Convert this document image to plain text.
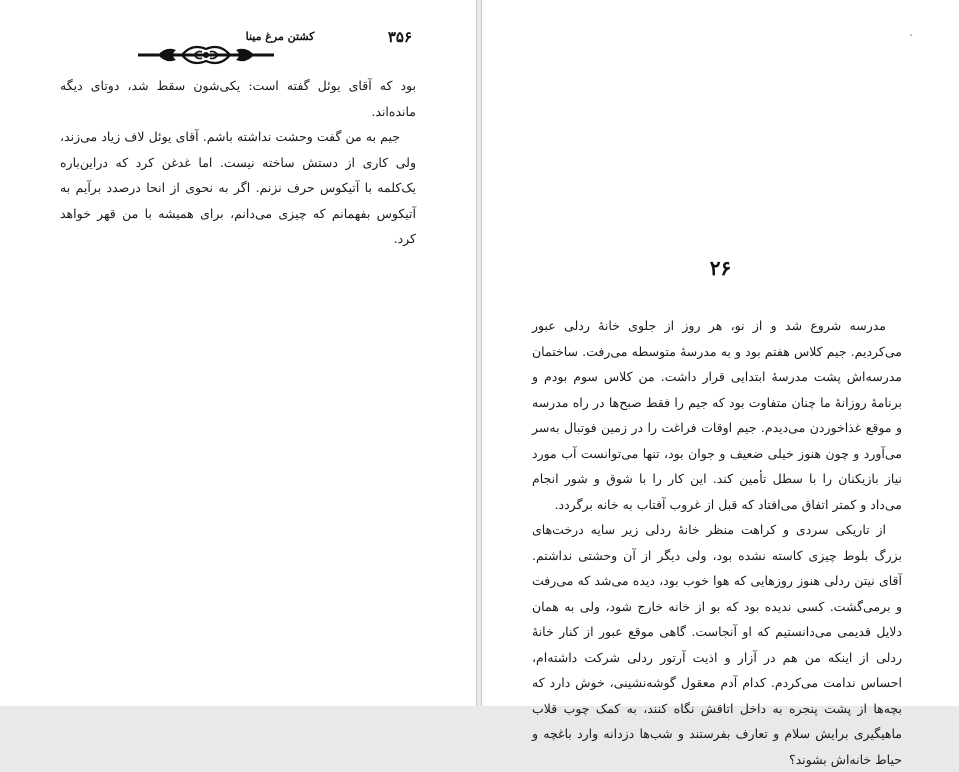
۳۵۶
کشتن مرغ مینا

بود که آقای یوئل گفته است: یکی‌شون سقط شد، دوتای دیگه مانده‌اند.

جیم به من گفت وحشت نداشته باشم. آقای یوئل لاف زیاد می‌زند، ولی کاری از دستش ساخته نیست. اما غدغن کرد که دراین‌باره یک‌کلمه با آتیکوس حرف نزنم. اگر به نحوی از انحا درصدد برآیم به آتیکوس بفهمانم که چیزی می‌دانم، برای همیشه با من قهر خواهد کرد.

۲۶

مدرسه شروع شد و از نو، هر روز از جلوی خانهٔ ردلی عبور می‌کردیم. جیم کلاس هفتم بود و به مدرسهٔ متوسطه می‌رفت. ساختمان مدرسه‌اش پشت مدرسهٔ ابتدایی قرار داشت. من کلاس سوم بودم و برنامهٔ روزانهٔ ما چنان متفاوت بود که جیم را فقط صبح‌ها در راه مدرسه و موقع غذاخوردن می‌دیدم. جیم اوقات فراغت را در زمین فوتبال به‌سر می‌آورد و چون هنوز خیلی ضعیف و جوان بود، تنها می‌توانست آب مورد نیاز بازیکنان را با سطل تأمین کند. این کار را با شوق و شور انجام می‌داد و کمتر اتفاق می‌افتاد که قبل از غروب آفتاب به خانه برگردد.

از تاریکی سردی و کراهت منظر خانهٔ ردلی زیر سایه درخت‌های بزرگ بلوط چیزی کاسته نشده بود، ولی دیگر از آن وحشتی نداشتم. آقای نیتن ردلی هنوز روزهایی که هوا خوب بود، دیده می‌شد که می‌رفت و برمی‌گشت. کسی ندیده بود که بو از خانه خارج شود، ولی به همان دلایل قدیمی می‌دانستیم که او آنجاست. گاهی موقع عبور از کنار خانهٔ ردلی از اینکه من هم در آزار و اذیت آرتور ردلی شرکت داشته‌ام، احساس ندامت می‌کردم. کدام آدم معقول گوشه‌نشینی، خوش دارد که بچه‌ها از پشت پنجره به داخل اتاقش نگاه کنند، به کمک چوب قلاب ماهیگیری برایش سلام و تعارف بفرستند و شب‌ها دزدانه وارد باغچه و حیاط خانه‌اش بشوند؟
